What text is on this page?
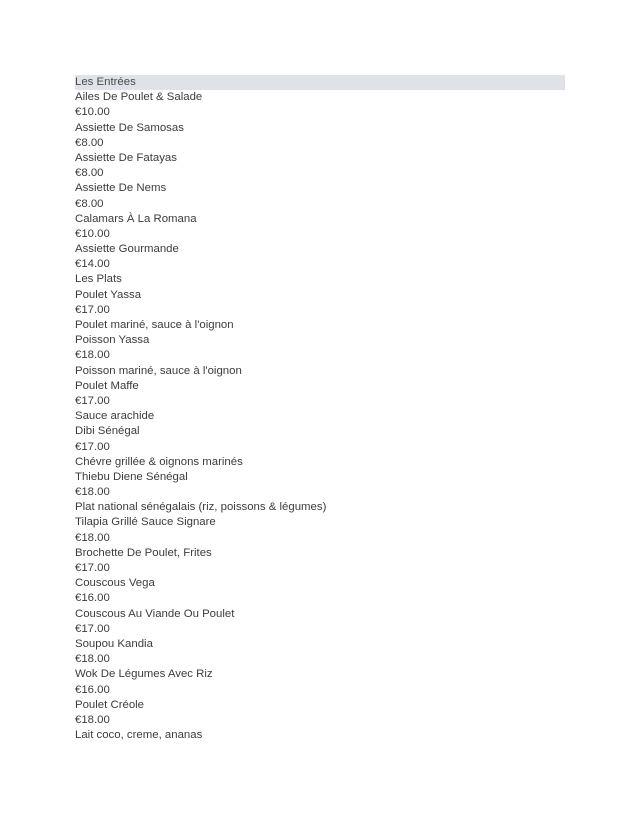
Les Entrées
Ailes De Poulet & Salade
€10.00
Assiette De Samosas
€8.00
Assiette De Fatayas
€8.00
Assiette De Nems
€8.00
Calamars À La Romana
€10.00
Assiette Gourmande
€14.00
Les Plats
Poulet Yassa
€17.00
Poulet mariné, sauce à l'oignon
Poisson Yassa
€18.00
Poisson mariné, sauce à l'oignon
Poulet Maffe
€17.00
Sauce arachide
Dibi Sénégal
€17.00
Chévre grillée & oignons marinés
Thiebu Diene Sénégal
€18.00
Plat national sénégalais (riz, poissons & légumes)
Tilapia Grillé Sauce Signare
€18.00
Brochette De Poulet, Frites
€17.00
Couscous Vega
€16.00
Couscous Au Viande Ou Poulet
€17.00
Soupou Kandia
€18.00
Wok De Légumes Avec Riz
€16.00
Poulet Créole
€18.00
Lait coco, creme, ananas
